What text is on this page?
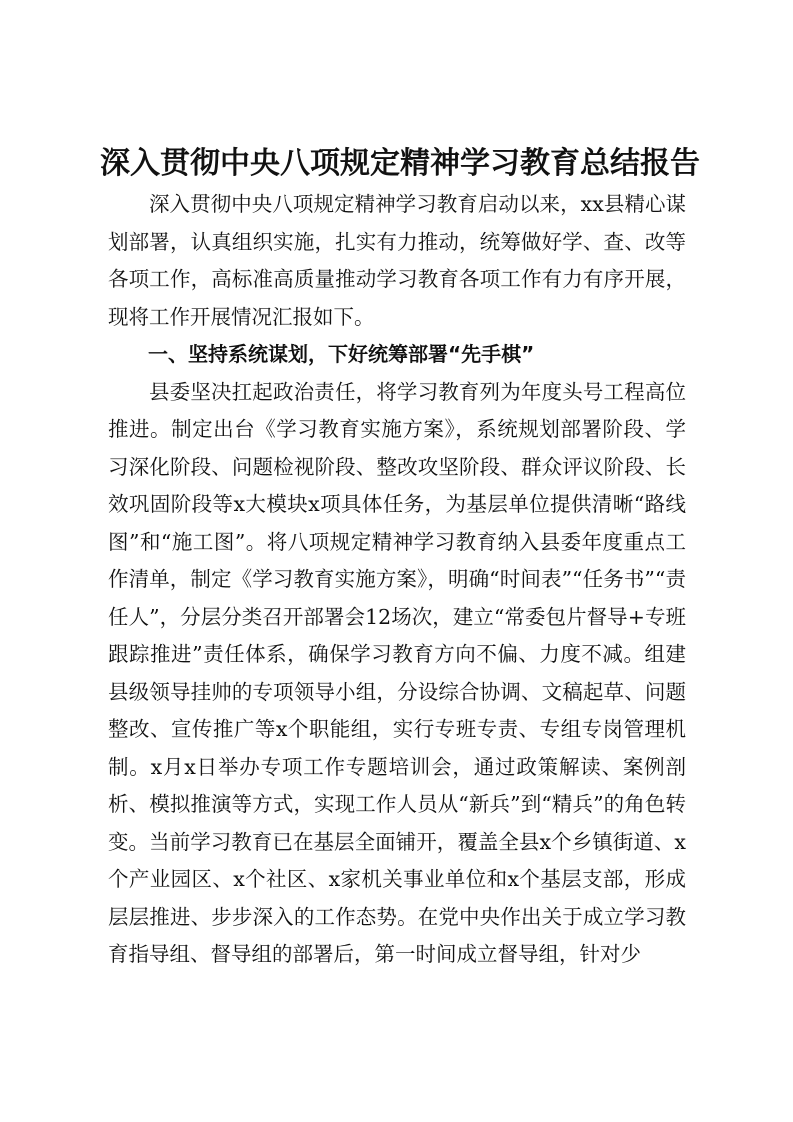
深入贯彻中央八项规定精神学习教育总结报告

深入贯彻中央八项规定精神学习教育启动以来，xx县精心谋划部署，认真组织实施，扎实有力推动，统筹做好学、查、改等各项工作，高标准高质量推动学习教育各项工作有力有序开展，现将工作开展情况汇报如下。

一、坚持系统谋划，下好统筹部署“先手棋”

县委坚决扛起政治责任，将学习教育列为年度头号工程高位推进。制定出台《学习教育实施方案》，系统规划部署阶段、学习深化阶段、问题检视阶段、整改攻坚阶段、群众评议阶段、长效巩固阶段等x大模块x项具体任务，为基层单位提供清晰“路线图”和“施工图”。将八项规定精神学习教育纳入县委年度重点工作清单，制定《学习教育实施方案》，明确“时间表”“任务书”“责任人”，分层分类召开部署会12场次，建立“常委包片督导+专班跟踪推进”责任体系，确保学习教育方向不偏、力度不减。组建县级领导挂帅的专项领导小组，分设综合协调、文稿起草、问题整改、宣传推广等x个职能组，实行专班专责、专组专岗管理机制。x月x日举办专项工作专题培训会，通过政策解读、案例剖析、模拟推演等方式，实现工作人员从“新兵”到“精兵”的角色转变。当前学习教育已在基层全面铺开，覆盖全县x个乡镇街道、x个产业园区、x个社区、x家机关事业单位和x个基层支部，形成层层推进、步步深入的工作态势。在党中央作出关于成立学习教育指导组、督导组的部署后，第一时间成立督导组，针对少
